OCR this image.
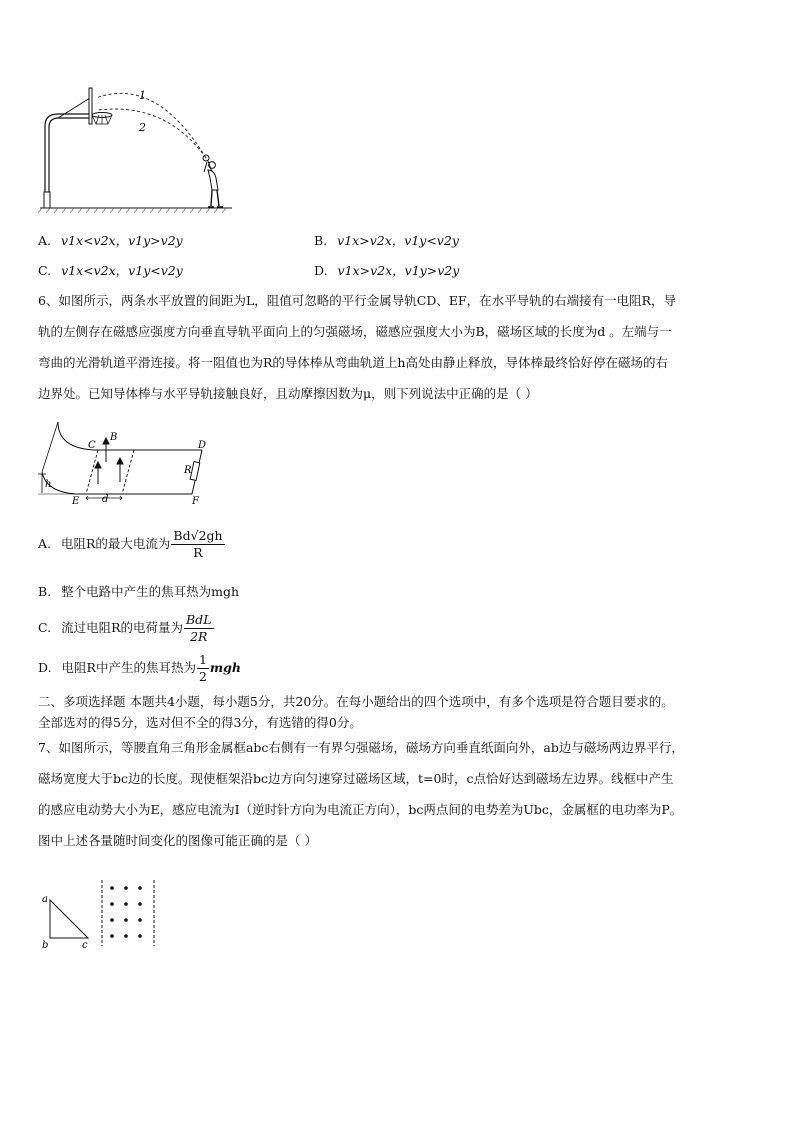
1
2
A. v1x<v2x，v1y>v2y	B. v1x>v2x，v1y<v2y
C. v1x<v2x，v1y<v2y	D. v1x>v2x，v1y>v2y
6、如图所示，两条水平放置的间距为L，阻值可忽略的平行金属导轨CD、EF，在水平导轨的右端接有一电阻R，导
轨的左侧存在磁感应强度方向垂直导轨平面向上的匀强磁场，磁感应强度大小为B，磁场区域的长度为d 。左端与一
弯曲的光滑轨道平滑连接。将一阻值也为R的导体棒从弯曲轨道上h高处由静止释放，导体棒最终恰好停在磁场的右
边界处。已知导体棒与水平导轨接触良好，且动摩擦因数为μ，则下列说法中正确的是（ ）
C
B
D
R
h
E d	F
A. 电阻R的最大电流为 $\frac{Bd√2gh}{R}$
B. 整个电路中产生的焦耳热为mgh
C. 流过电阻R的电荷量为 $\frac{\text{BdL}}{2R}$
D. 电阻R中产生的焦耳热为 $\frac{1}{2}$ mgh
二、多项选择题 本题共4小题，每小题5分，共20分。在每小题给出的四个选项中，有多个选项是符合题目要求的。
全部选对的得5分，选对但不全的得3分，有选错的得0分。
7、如图所示，等腰直角三角形金属框abc右侧有一有界匀强磁场，磁场方向垂直纸面向外，ab边与磁场两边界平行，
磁场宽度大于bc边的长度。现使框架沿bc边方向匀速穿过磁场区域，t=0时，c点恰好达到磁场左边界。线框中产生
的感应电动势大小为E，感应电流为I（逆时针方向为电流正方向），bc两点间的电势差为Ubc，金属框的电功率为P。
图中上述各量随时间变化的图像可能正确的是（ ）
a
b	c
